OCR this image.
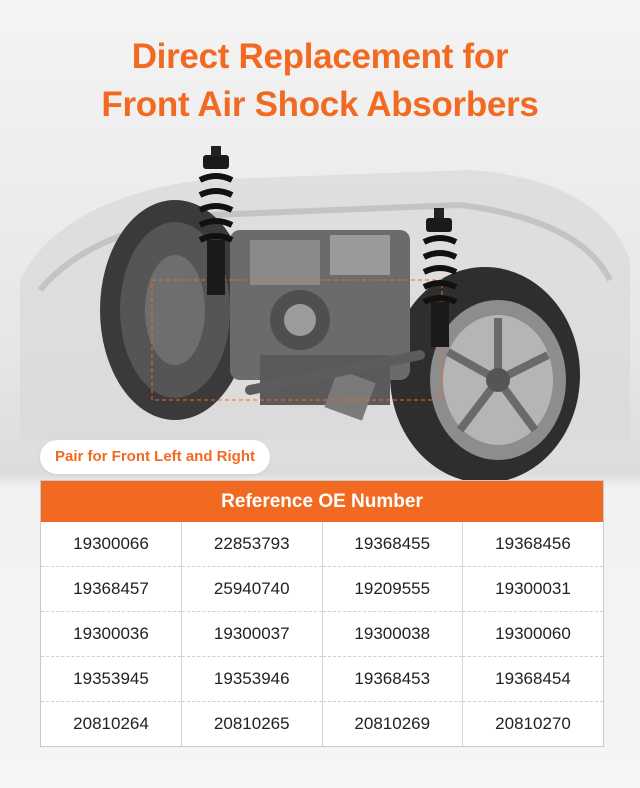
Direct Replacement for
Front Air Shock Absorbers
Pair for Front Left and Right
Reference OE Number
19300066	22853793	19368455	19368456
19368457	25940740	19209555	19300031
19300036	19300037	19300038	19300060
19353945	19353946	19368453	19368454
20810264	20810265	20810269	20810270
